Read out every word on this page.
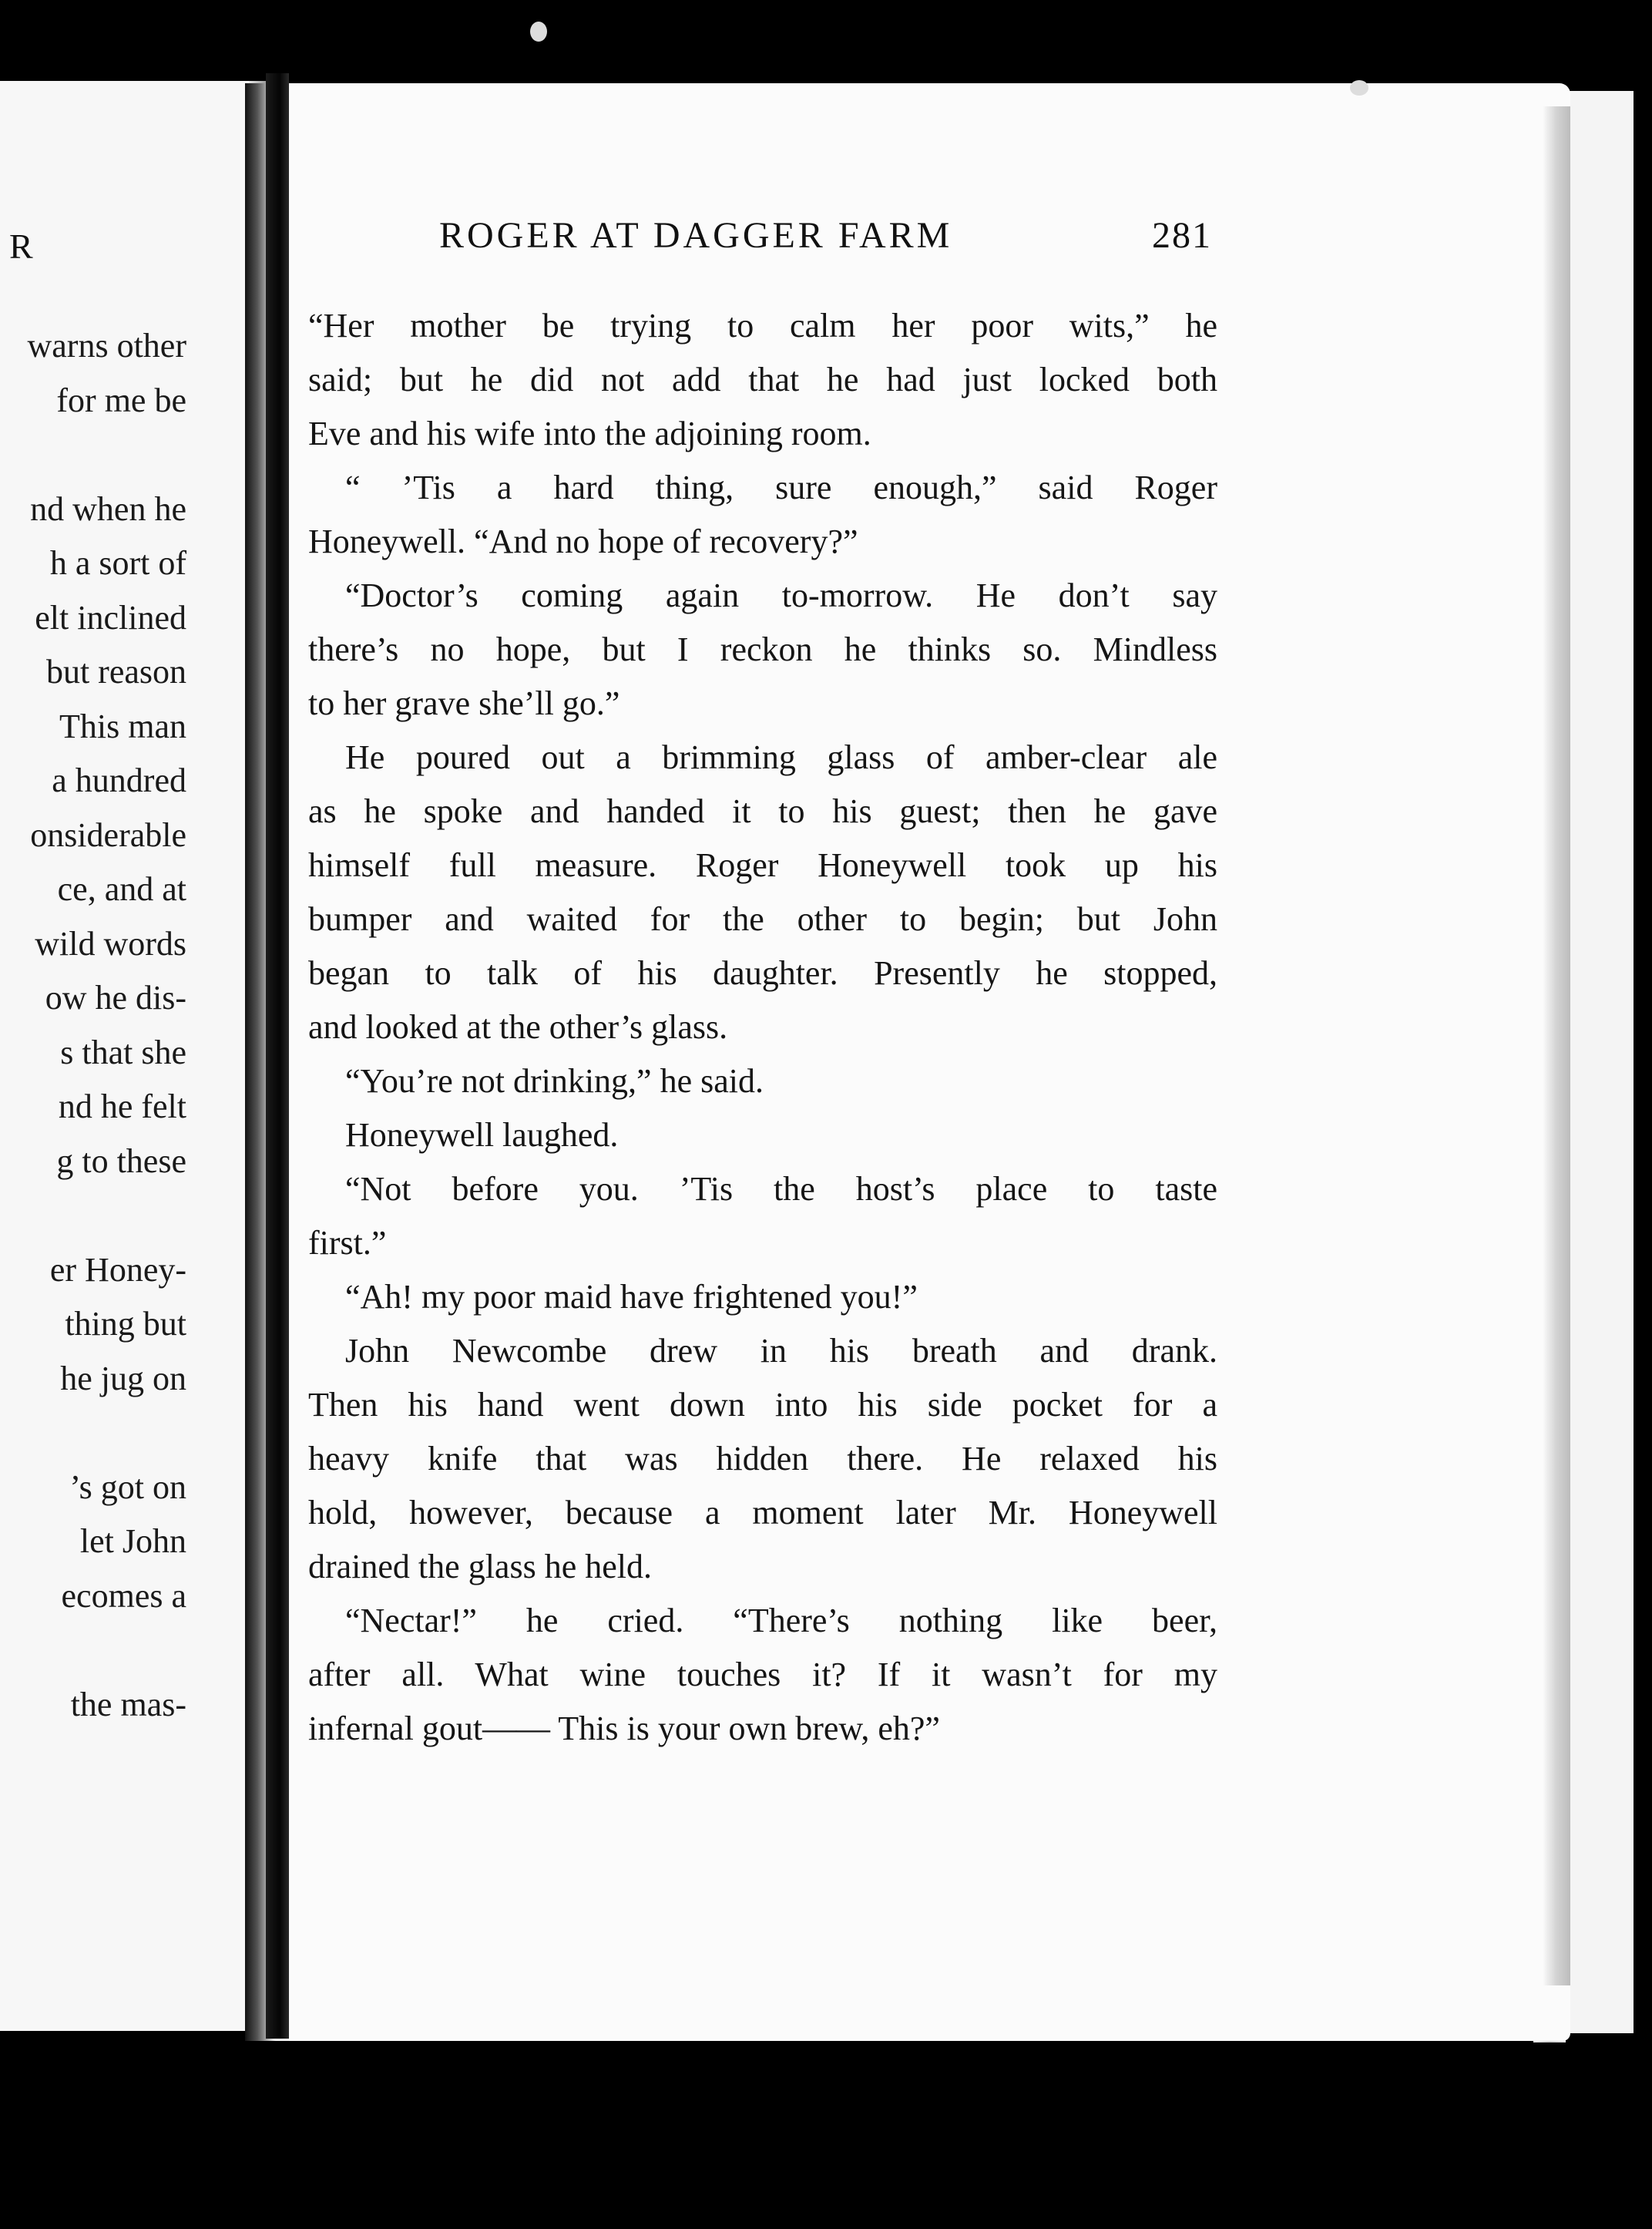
R
warns other
for me be
nd when he
h a sort of
elt inclined
but reason
This man
a hundred
onsiderable
ce, and at
wild words
ow he dis-
s that she
nd he felt
g to these
er Honey-
thing but
he jug on
’s got on
let John
ecomes a
the mas-
ROGER AT DAGGER FARM	281
“Her mother be trying to calm her poor wits,” he
said; but he did not add that he had just locked both
Eve and his wife into the adjoining room.
“ ’Tis a hard thing, sure enough,” said Roger
Honeywell. “And no hope of recovery?”
“Doctor’s coming again to-morrow. He don’t say
there’s no hope, but I reckon he thinks so. Mindless
to her grave she’ll go.”
He poured out a brimming glass of amber-clear ale
as he spoke and handed it to his guest; then he gave
himself full measure. Roger Honeywell took up his
bumper and waited for the other to begin; but John
began to talk of his daughter. Presently he stopped,
and looked at the other’s glass.
“You’re not drinking,” he said.
Honeywell laughed.
“Not before you. ’Tis the host’s place to taste
first.”
“Ah! my poor maid have frightened you!”
John Newcombe drew in his breath and drank.
Then his hand went down into his side pocket for a
heavy knife that was hidden there. He relaxed his
hold, however, because a moment later Mr. Honeywell
drained the glass he held.
“Nectar!” he cried. “There’s nothing like beer,
after all. What wine touches it? If it wasn’t for my
infernal gout—— This is your own brew, eh?”
